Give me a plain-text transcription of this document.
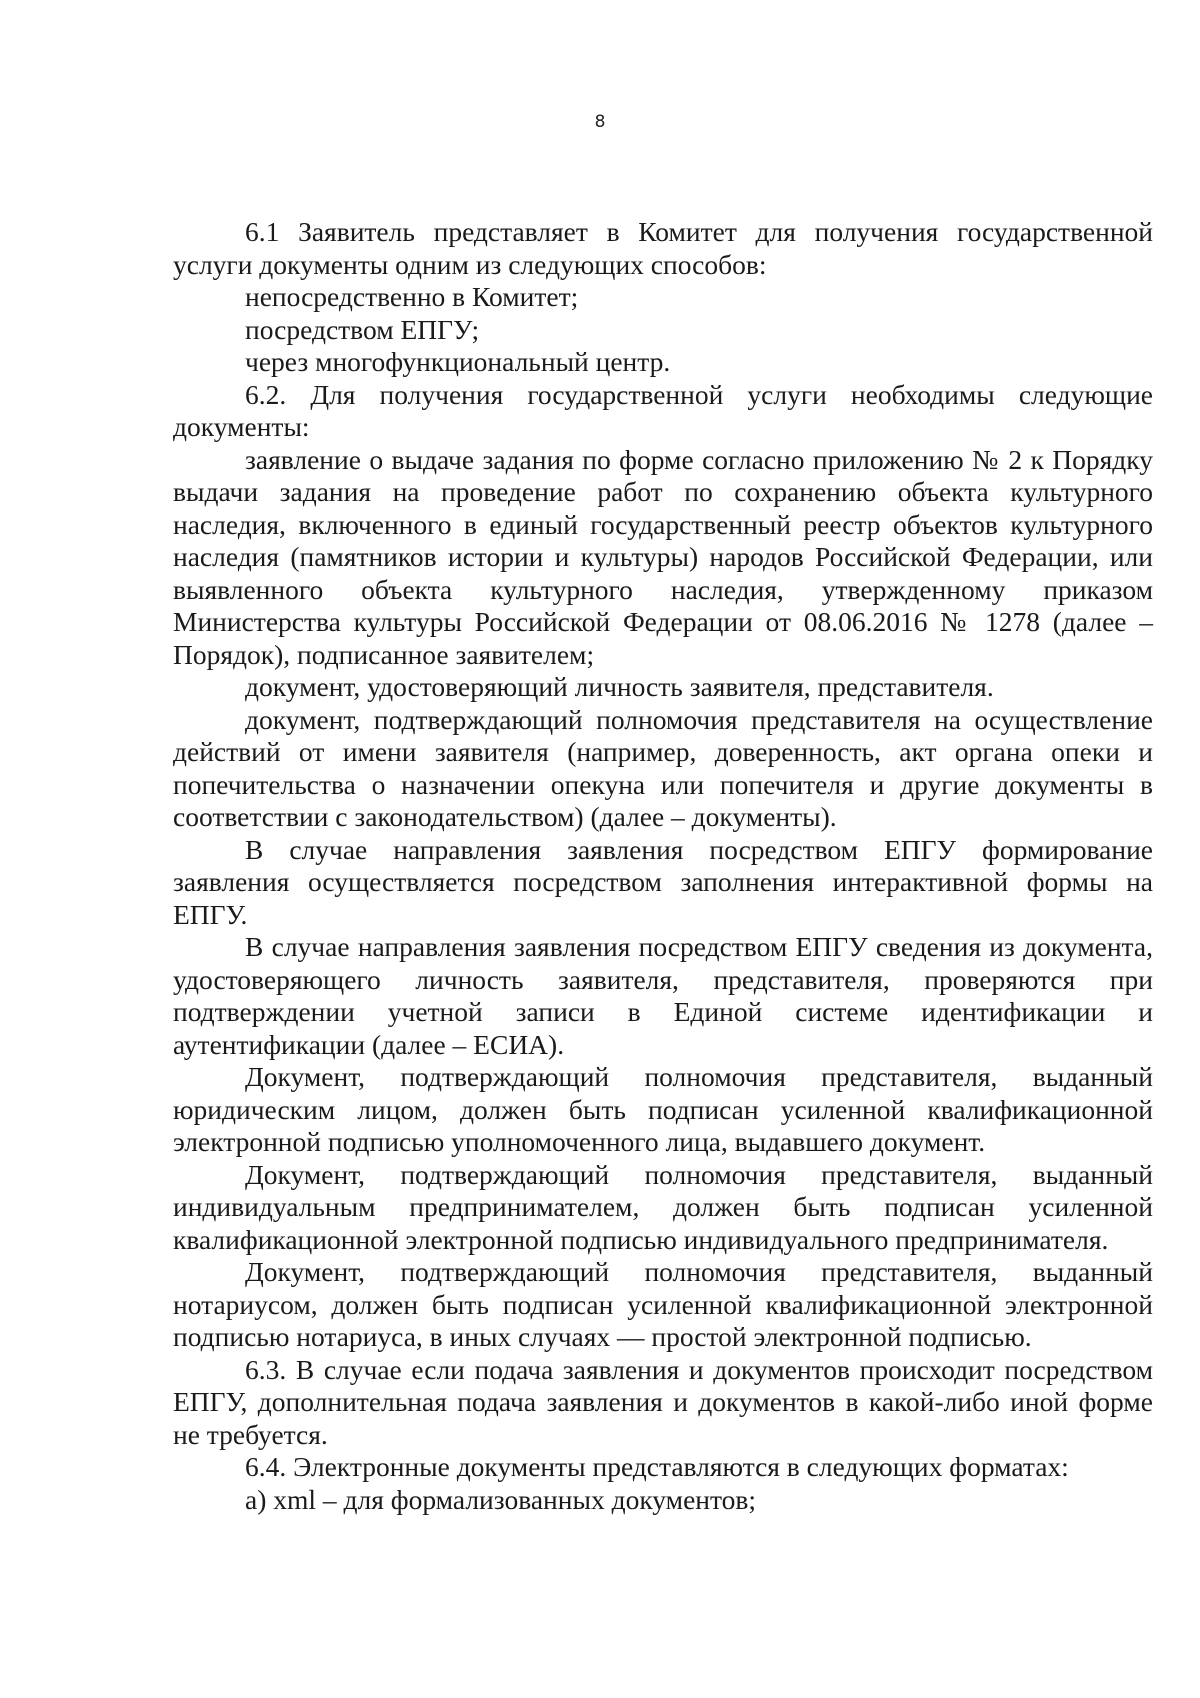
8

6.1 Заявитель представляет в Комитет для получения государственной услуги документы одним из следующих способов:

непосредственно в Комитет;

посредством ЕПГУ;

через многофункциональный центр.

6.2. Для получения государственной услуги необходимы следующие документы:

заявление о выдаче задания по форме согласно приложению № 2 к Порядку выдачи задания на проведение работ по сохранению объекта культурного наследия, включенного в единый государственный реестр объектов культурного наследия (памятников истории и культуры) народов Российской Федерации, или выявленного объекта культурного наследия, утвержденному приказом Министерства культуры Российской Федерации от 08.06.2016 № 1278 (далее – Порядок), подписанное заявителем;

документ, удостоверяющий личность заявителя, представителя.

документ, подтверждающий полномочия представителя на осуществление действий от имени заявителя (например, доверенность, акт органа опеки и попечительства о назначении опекуна или попечителя и другие документы в соответствии с законодательством) (далее – документы).

В случае направления заявления посредством ЕПГУ формирование заявления осуществляется посредством заполнения интерактивной формы на ЕПГУ.

В случае направления заявления посредством ЕПГУ сведения из документа, удостоверяющего личность заявителя, представителя, проверяются при подтверждении учетной записи в Единой системе идентификации и аутентификации (далее – ЕСИА).

Документ, подтверждающий полномочия представителя, выданный юридическим лицом, должен быть подписан усиленной квалификационной электронной подписью уполномоченного лица, выдавшего документ.

Документ, подтверждающий полномочия представителя, выданный индивидуальным предпринимателем, должен быть подписан усиленной квалификационной электронной подписью индивидуального предпринимателя.

Документ, подтверждающий полномочия представителя, выданный нотариусом, должен быть подписан усиленной квалификационной электронной подписью нотариуса, в иных случаях — простой электронной подписью.

6.3. В случае если подача заявления и документов происходит посредством ЕПГУ, дополнительная подача заявления и документов в какой-либо иной форме не требуется.

6.4. Электронные документы представляются в следующих форматах:

а) xml – для формализованных документов;
